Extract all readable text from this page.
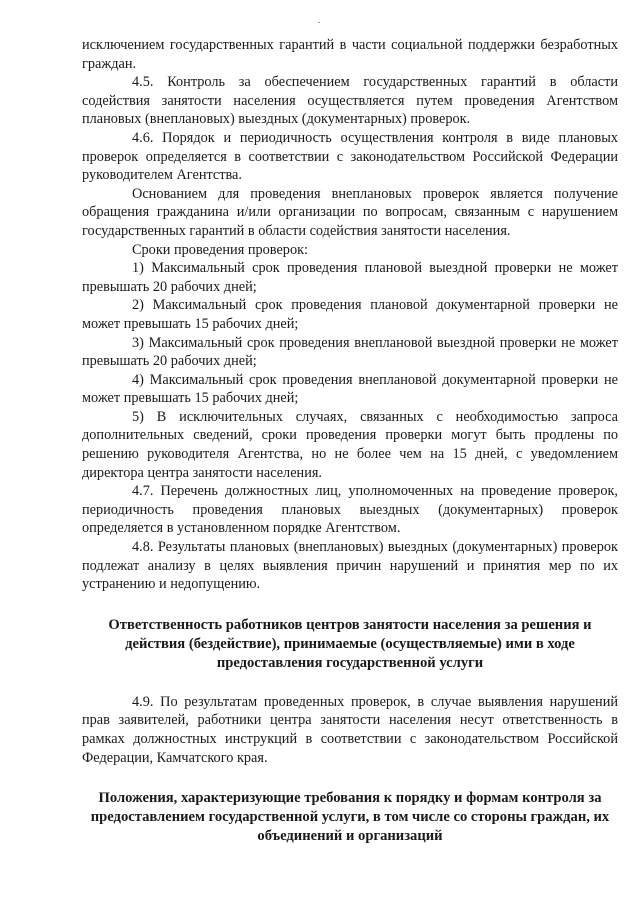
исключением государственных гарантий в части социальной поддержки безработных граждан.

4.5. Контроль за обеспечением государственных гарантий в области содействия занятости населения осуществляется путем проведения Агентством плановых (внеплановых) выездных (документарных) проверок.

4.6. Порядок и периодичность осуществления контроля в виде плановых проверок определяется в соответствии с законодательством Российской Федерации руководителем Агентства.

Основанием для проведения внеплановых проверок является получение обращения гражданина и/или организации по вопросам, связанным с нарушением государственных гарантий в области содействия занятости населения.

Сроки проведения проверок:

1) Максимальный срок проведения плановой выездной проверки не может превышать 20 рабочих дней;

2) Максимальный срок проведения плановой документарной проверки не может превышать 15 рабочих дней;

3) Максимальный срок проведения внеплановой выездной проверки не может превышать 20 рабочих дней;

4) Максимальный срок проведения внеплановой документарной проверки не может превышать 15 рабочих дней;

5) В исключительных случаях, связанных с необходимостью запроса дополнительных сведений, сроки проведения проверки могут быть продлены по решению руководителя Агентства, но не более чем на 15 дней, с уведомлением директора центра занятости населения.

4.7. Перечень должностных лиц, уполномоченных на проведение проверок, периодичность проведения плановых выездных (документарных) проверок определяется в установленном порядке Агентством.

4.8. Результаты плановых (внеплановых) выездных (документарных) проверок подлежат анализу в целях выявления причин нарушений и принятия мер по их устранению и недопущению.

Ответственность работников центров занятости населения за решения и действия (бездействие), принимаемые (осуществляемые) ими в ходе предоставления государственной услуги

4.9. По результатам проведенных проверок, в случае выявления нарушений прав заявителей, работники центра занятости населения несут ответственность в рамках должностных инструкций в соответствии с законодательством Российской Федерации, Камчатского края.

Положения, характеризующие требования к порядку и формам контроля за предоставлением государственной услуги, в том числе со стороны граждан, их объединений и организаций
